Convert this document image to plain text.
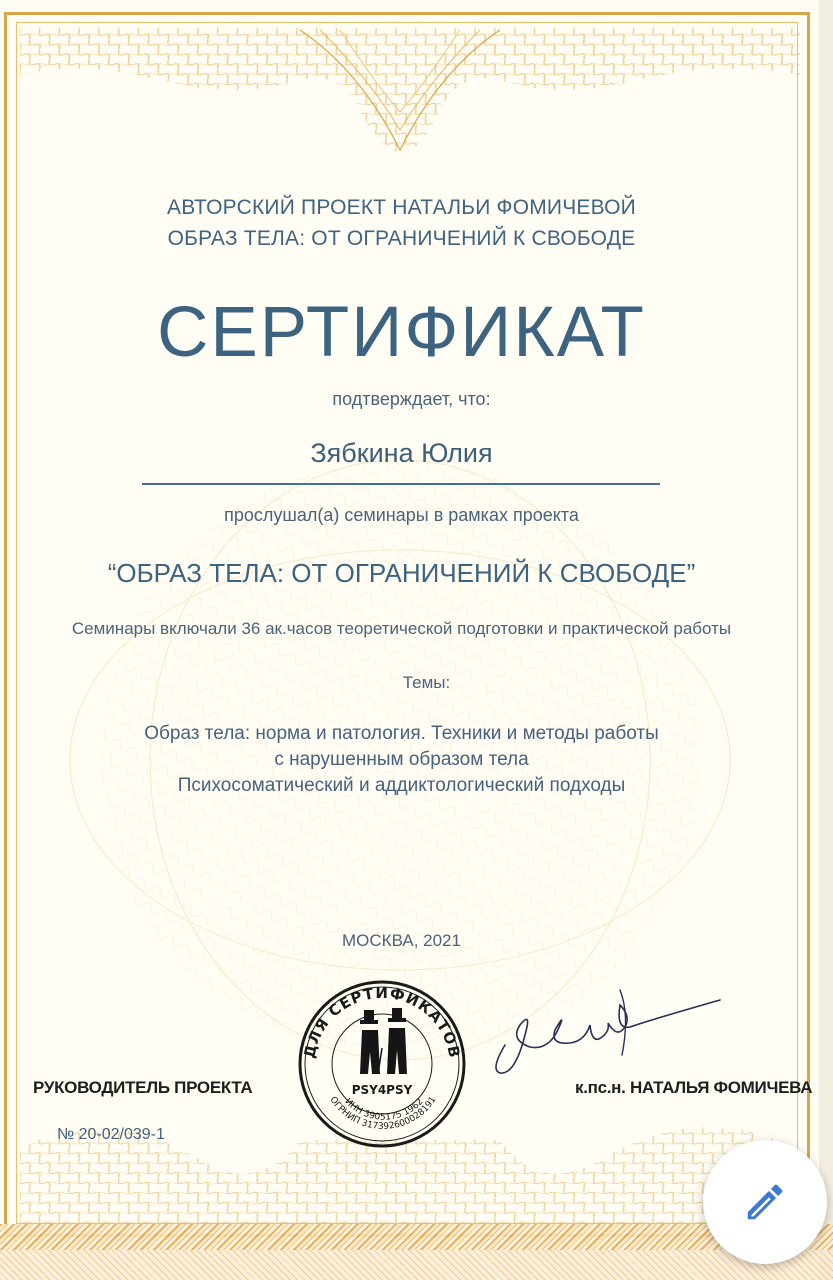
АВТОРСКИЙ ПРОЕКТ НАТАЛЬИ ФОМИЧЕВОЙ
ОБРАЗ ТЕЛА: ОТ ОГРАНИЧЕНИЙ К СВОБОДЕ
СЕРТИФИКАТ
подтверждает, что:
Зябкина Юлия
прослушал(а) семинары в рамках проекта
“ОБРАЗ ТЕЛА: ОТ ОГРАНИЧЕНИЙ К СВОБОДЕ”
Семинары включали 36 ак.часов теоретической подготовки и практической работы
Темы:
Образ тела: норма и патология. Техники и методы работы
с нарушенным образом тела
Психосоматический и аддиктологический подходы
МОСКВА, 2021
РУКОВОДИТЕЛЬ ПРОЕКТА	к.пс.н. НАТАЛЬЯ ФОМИЧЕВА
№ 20-02/039-1
ДЛЯ СЕРТИФИКАТОВ
PSY4PSY
ИНН 3905175 1962
ОГРНИП 317392600028191
